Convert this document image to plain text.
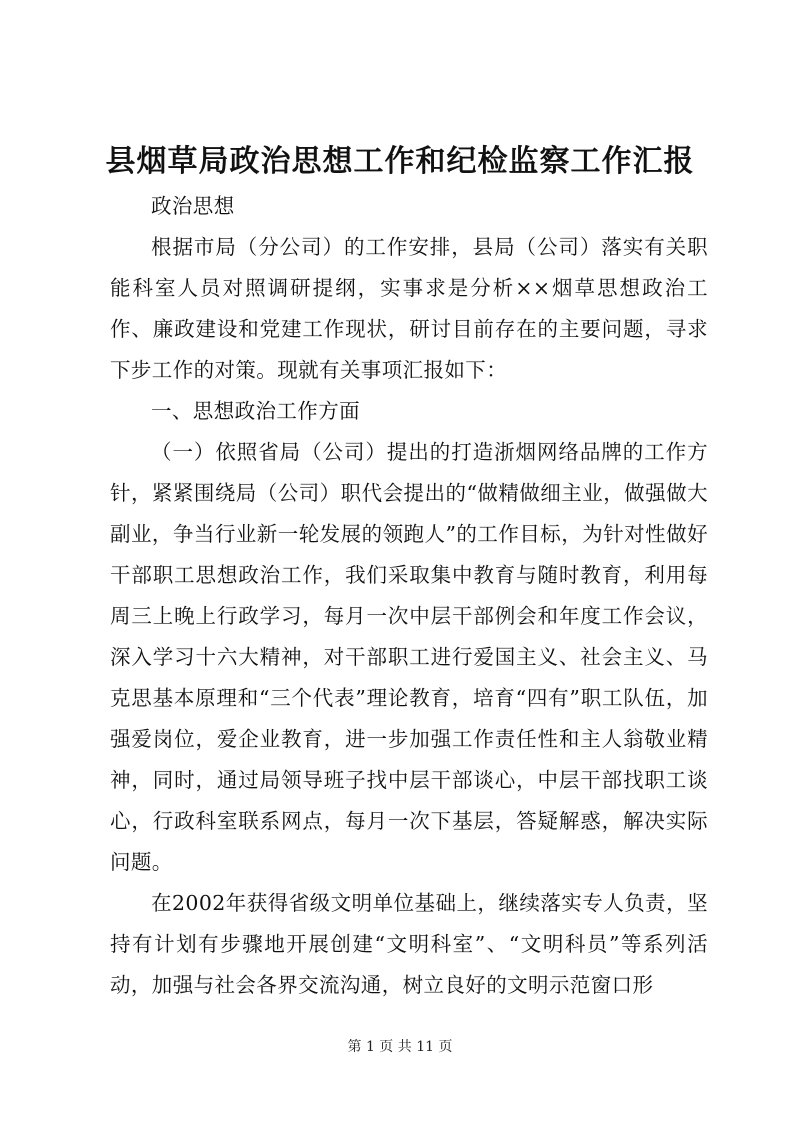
县烟草局政治思想工作和纪检监察工作汇报

政治思想

根据市局（分公司）的工作安排，县局（公司）落实有关职能科室人员对照调研提纲，实事求是分析××烟草思想政治工作、廉政建设和党建工作现状，研讨目前存在的主要问题，寻求下步工作的对策。现就有关事项汇报如下：

一、思想政治工作方面

（一）依照省局（公司）提出的打造浙烟网络品牌的工作方针，紧紧围绕局（公司）职代会提出的“做精做细主业，做强做大副业，争当行业新一轮发展的领跑人”的工作目标，为针对性做好干部职工思想政治工作，我们采取集中教育与随时教育，利用每周三上晚上行政学习，每月一次中层干部例会和年度工作会议，深入学习十六大精神，对干部职工进行爱国主义、社会主义、马克思基本原理和“三个代表”理论教育，培育“四有”职工队伍，加强爱岗位，爱企业教育，进一步加强工作责任性和主人翁敬业精神，同时，通过局领导班子找中层干部谈心，中层干部找职工谈心，行政科室联系网点，每月一次下基层，答疑解惑，解决实际问题。

在2002年获得省级文明单位基础上，继续落实专人负责，坚持有计划有步骤地开展创建“文明科室”、“文明科员”等系列活动，加强与社会各界交流沟通，树立良好的文明示范窗口形

第 1 页 共 11 页
